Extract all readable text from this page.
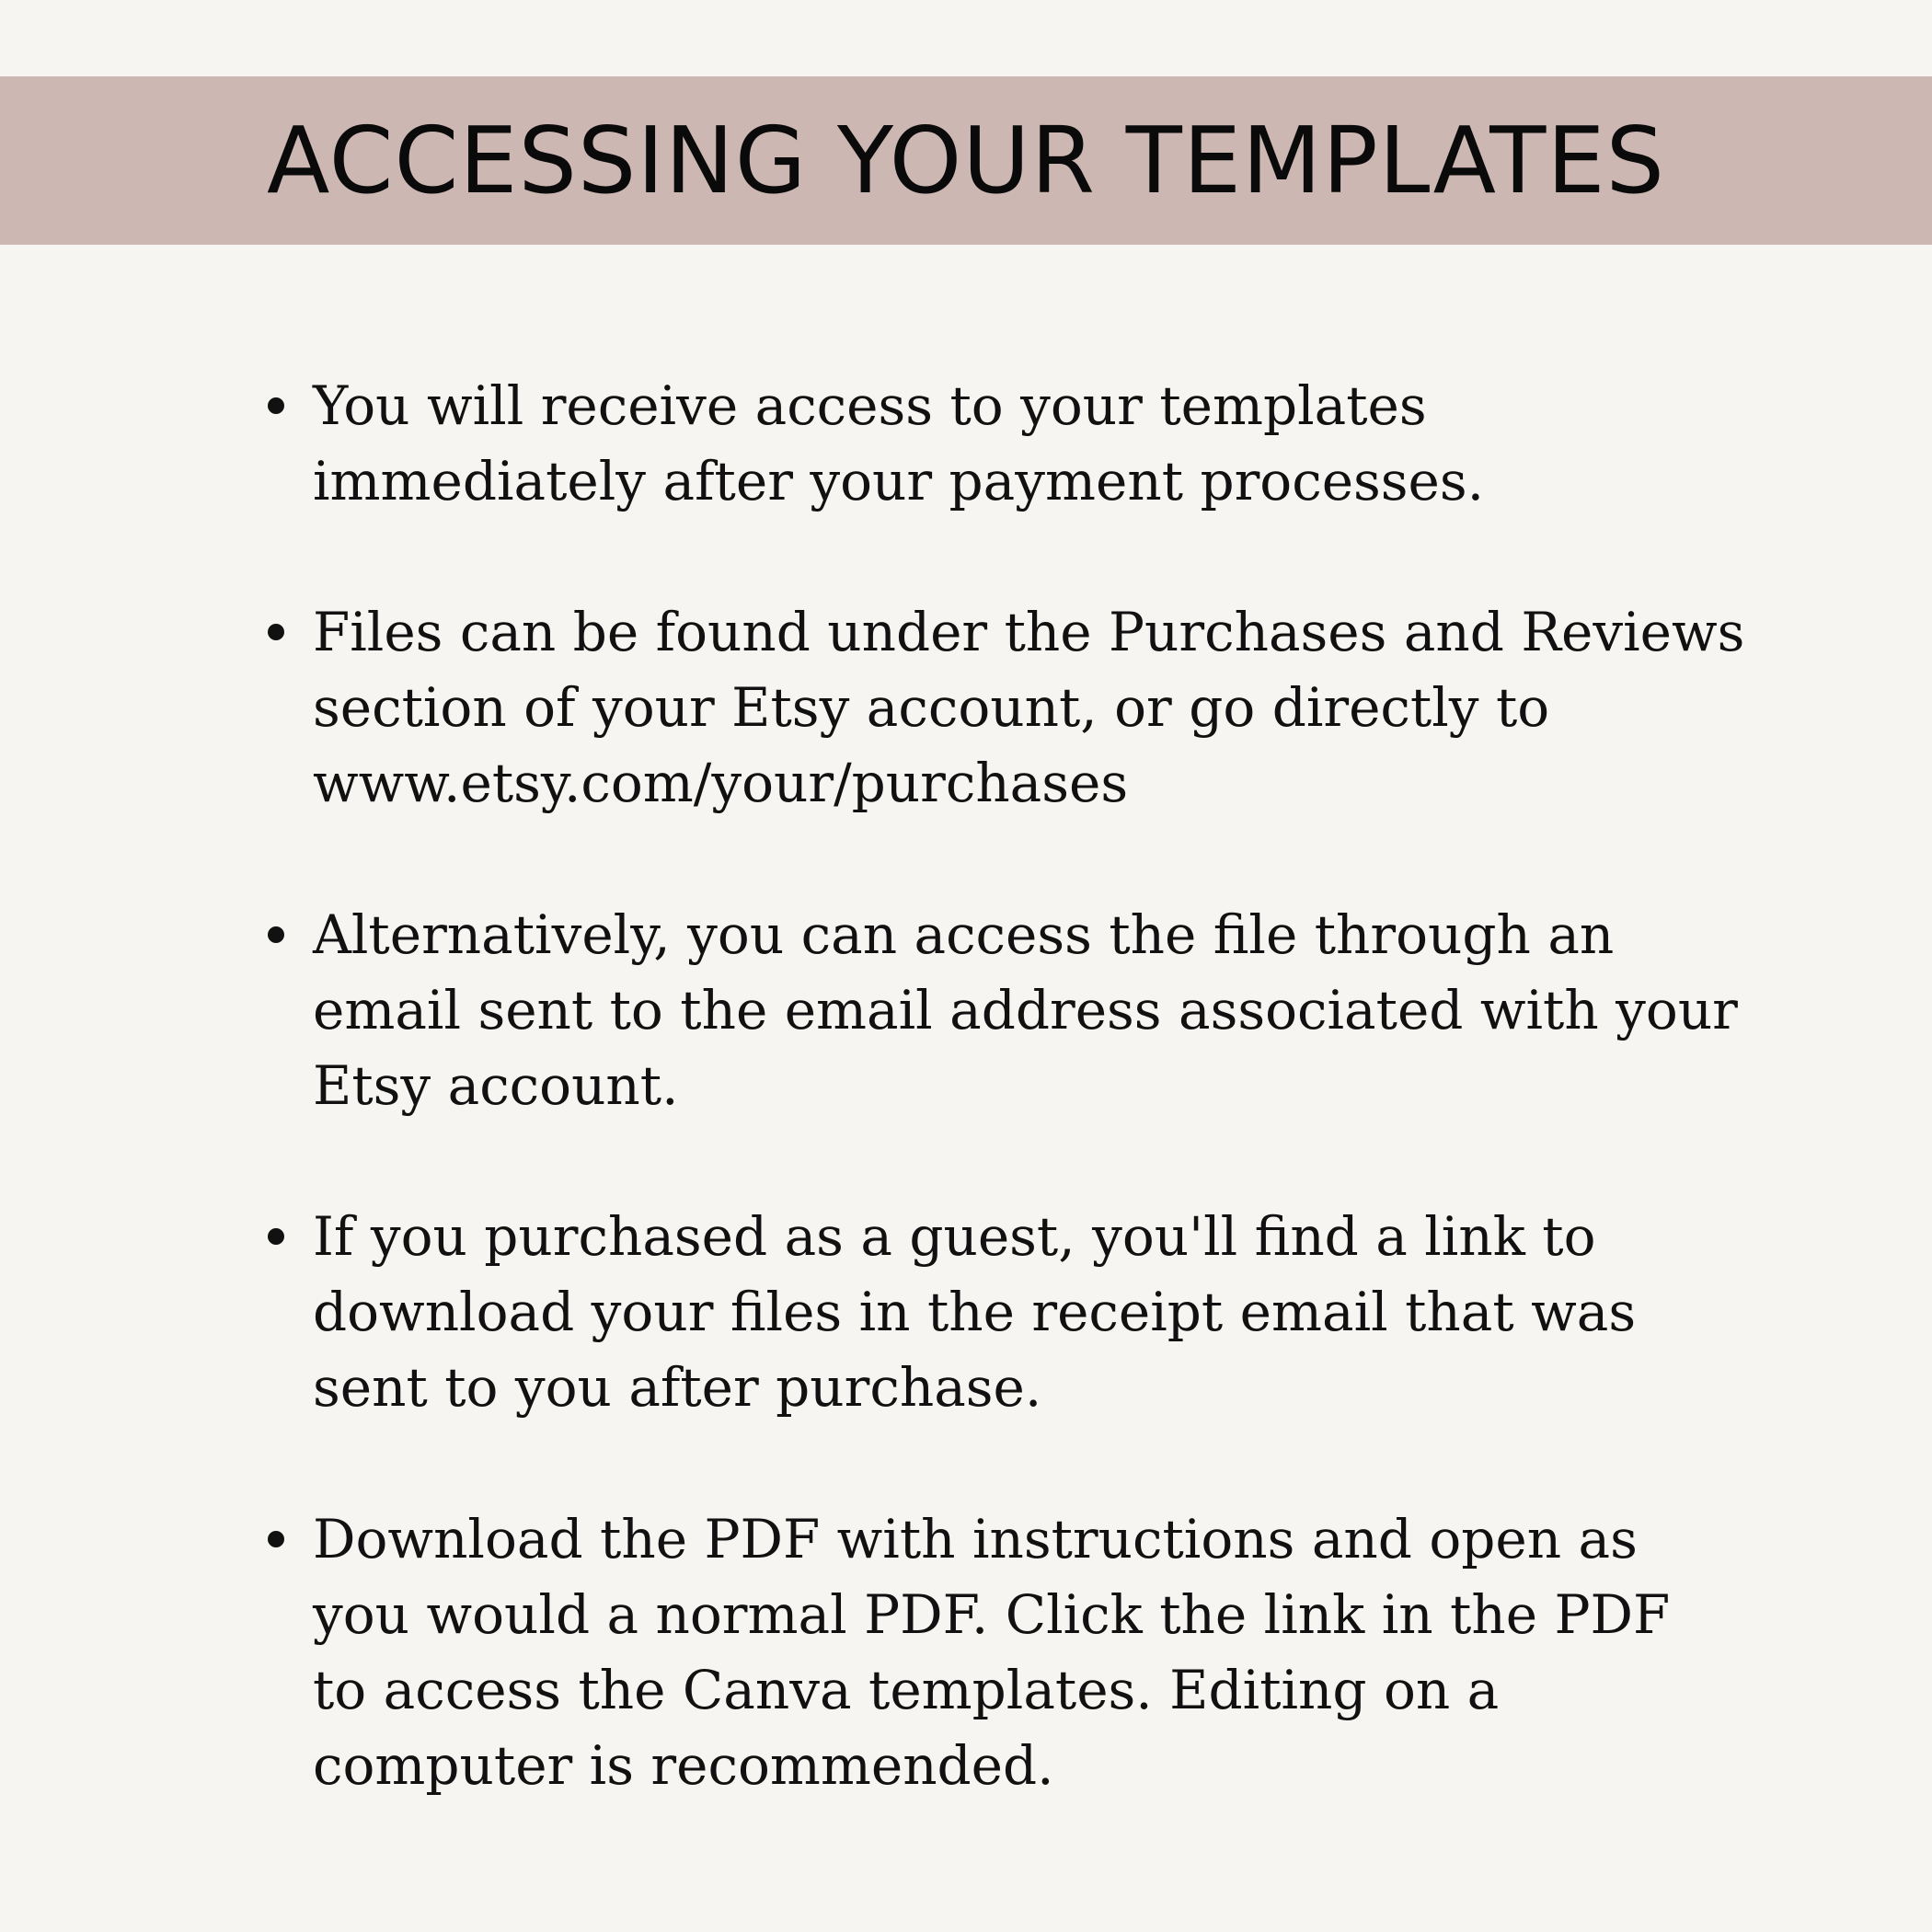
ACCESSING YOUR TEMPLATES
You will receive access to your templates
immediately after your payment processes.
Files can be found under the Purchases and Reviews
section of your Etsy account, or go directly to
www.etsy.com/your/purchases
Alternatively, you can access the file through an
email sent to the email address associated with your
Etsy account.
If you purchased as a guest, you'll find a link to
download your files in the receipt email that was
sent to you after purchase.
Download the PDF with instructions and open as
you would a normal PDF. Click the link in the PDF
to access the Canva templates. Editing on a
computer is recommended.
